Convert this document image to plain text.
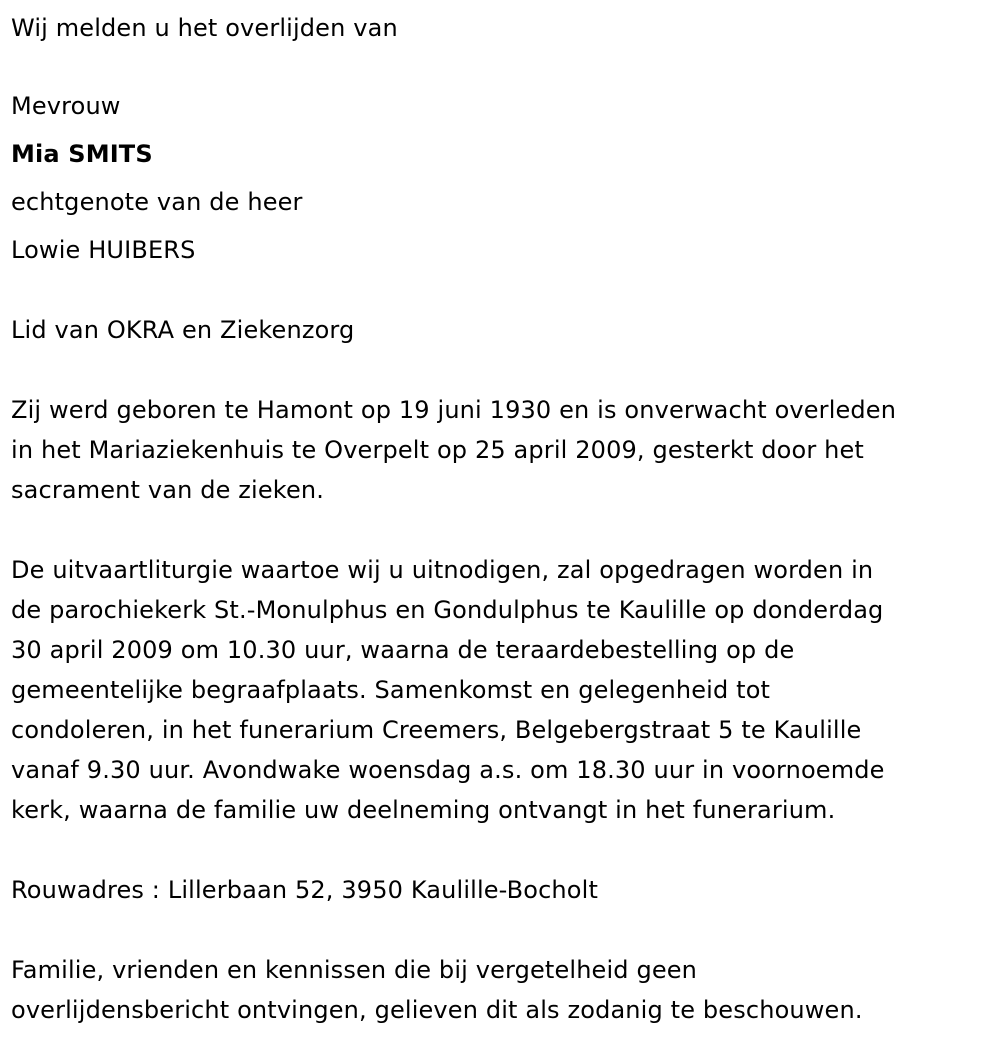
Wij melden u het overlijden van
Mevrouw
Mia SMITS
echtgenote van de heer
Lowie HUIBERS
Lid van OKRA en Ziekenzorg
Zij werd geboren te Hamont op 19 juni 1930 en is onverwacht overleden
in het Mariaziekenhuis te Overpelt op 25 april 2009, gesterkt door het
sacrament van de zieken.
De uitvaartliturgie waartoe wij u uitnodigen, zal opgedragen worden in
de parochiekerk St.-Monulphus en Gondulphus te Kaulille op donderdag
30 april 2009 om 10.30 uur, waarna de teraardebestelling op de
gemeentelijke begraafplaats. Samenkomst en gelegenheid tot
condoleren, in het funerarium Creemers, Belgebergstraat 5 te Kaulille
vanaf 9.30 uur. Avondwake woensdag a.s. om 18.30 uur in voornoemde
kerk, waarna de familie uw deelneming ontvangt in het funerarium.
Rouwadres : Lillerbaan 52, 3950 Kaulille-Bocholt
Familie, vrienden en kennissen die bij vergetelheid geen
overlijdensbericht ontvingen, gelieven dit als zodanig te beschouwen.
